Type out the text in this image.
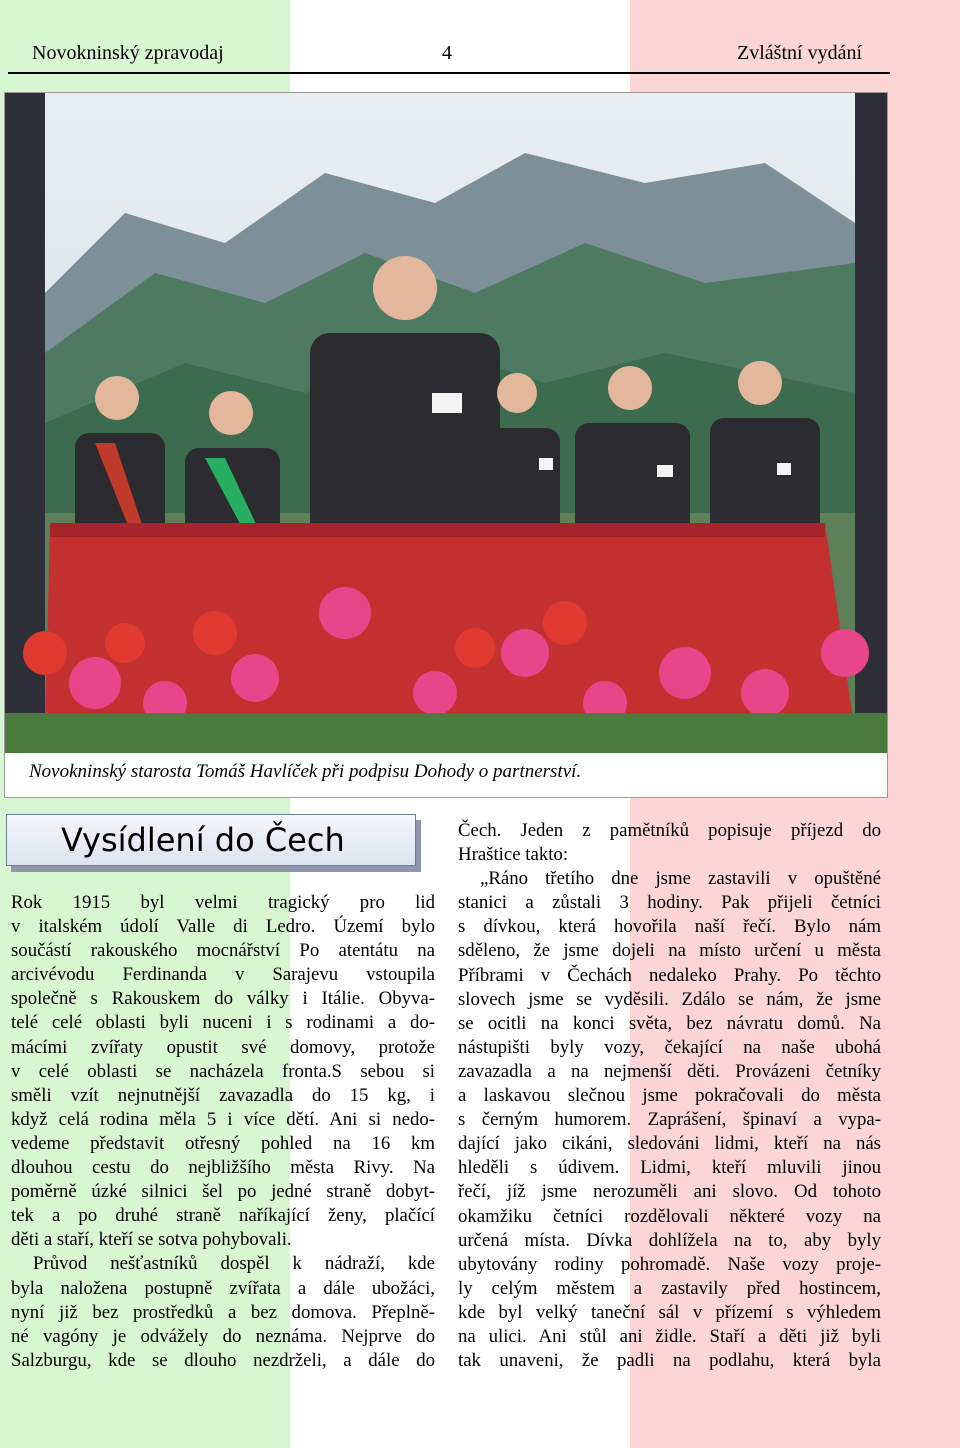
Novokninský zpravodaj	4	Zvláštní vydání
Novokninský starosta Tomáš Havlíček při podpisu Dohody o partnerství.
Vysídlení do Čech

Rok 1915 byl velmi tragický pro lid
v italském údolí Valle di Ledro. Území bylo
součástí rakouského mocnářství Po atentátu na
arcivévodu Ferdinanda v Sarajevu vstoupila
společně s Rakouskem do války i Itálie. Obyva-
telé celé oblasti byli nuceni i s rodinami a do-
mácími zvířaty opustit své domovy, protože
v celé oblasti se nacházela fronta.S sebou si
směli vzít nejnutnější zavazadla do 15 kg, i
když celá rodina měla 5 i více dětí. Ani si nedo-
vedeme představit otřesný pohled na 16 km
dlouhou cestu do nejbližšího města Rivy. Na
poměrně úzké silnici šel po jedné straně dobyt-
tek a po druhé straně naříkající ženy, plačící
děti a staří, kteří se sotva pohybovali.

Průvod nešťastníků dospěl k nádraží, kde
byla naložena postupně zvířata a dále ubožáci,
nyní již bez prostředků a bez domova. Přeplně-
né vagóny je odvážely do neznáma. Nejprve do
Salzburgu, kde se dlouho nezdrželi, a dále do

Čech. Jeden z pamětníků popisuje příjezd do
Hraštice takto:

„Ráno třetího dne jsme zastavili v opuštěné
stanici a zůstali 3 hodiny. Pak přijeli četníci
s dívkou, která hovořila naší řečí. Bylo nám
sděleno, že jsme dojeli na místo určení u města
Příbrami v Čechách nedaleko Prahy. Po těchto
slovech jsme se vyděsili. Zdálo se nám, že jsme
se ocitli na konci světa, bez návratu domů. Na
nástupišti byly vozy, čekající na naše ubohá
zavazadla a na nejmenší děti. Provázeni četníky
a laskavou slečnou jsme pokračovali do města
s černým humorem. Zaprášení, špinaví a vypa-
dající jako cikáni, sledováni lidmi, kteří na nás
hleděli s údivem. Lidmi, kteří mluvili jinou
řečí, jíž jsme nerozuměli ani slovo. Od tohoto
okamžiku četníci rozdělovali některé vozy na
určená místa. Dívka dohlížela na to, aby byly
ubytovány rodiny pohromadě. Naše vozy proje-
ly celým městem a zastavily před hostincem,
kde byl velký taneční sál v přízemí s výhledem
na ulici. Ani stůl ani židle. Staří a děti již byli
tak unaveni, že padli na podlahu, která byla
